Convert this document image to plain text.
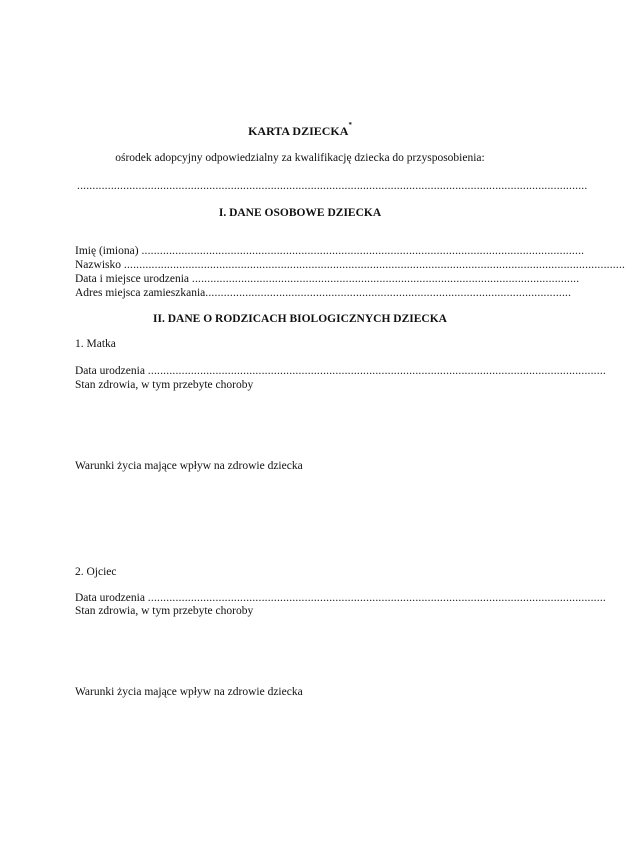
KARTA DZIECKA*
ośrodek adopcyjny odpowiedzialny za kwalifikację dziecka do przysposobienia:
......................................................................................................................................................................
I. DANE OSOBOWE DZIECKA
Imię (imiona) ................................................................................................................................................
Nazwisko ...................................................................................................................................................................
Data i miejsce urodzenia ..............................................................................................................................
Adres miejsca zamieszkania.......................................................................................................................
II. DANE O RODZICACH BIOLOGICZNYCH DZIECKA
1. Matka
Data urodzenia .....................................................................................................................................................
Stan zdrowia, w tym przebyte choroby
Warunki życia mające wpływ na zdrowie dziecka
2. Ojciec
Data urodzenia .....................................................................................................................................................
Stan zdrowia, w tym przebyte choroby
Warunki życia mające wpływ na zdrowie dziecka
